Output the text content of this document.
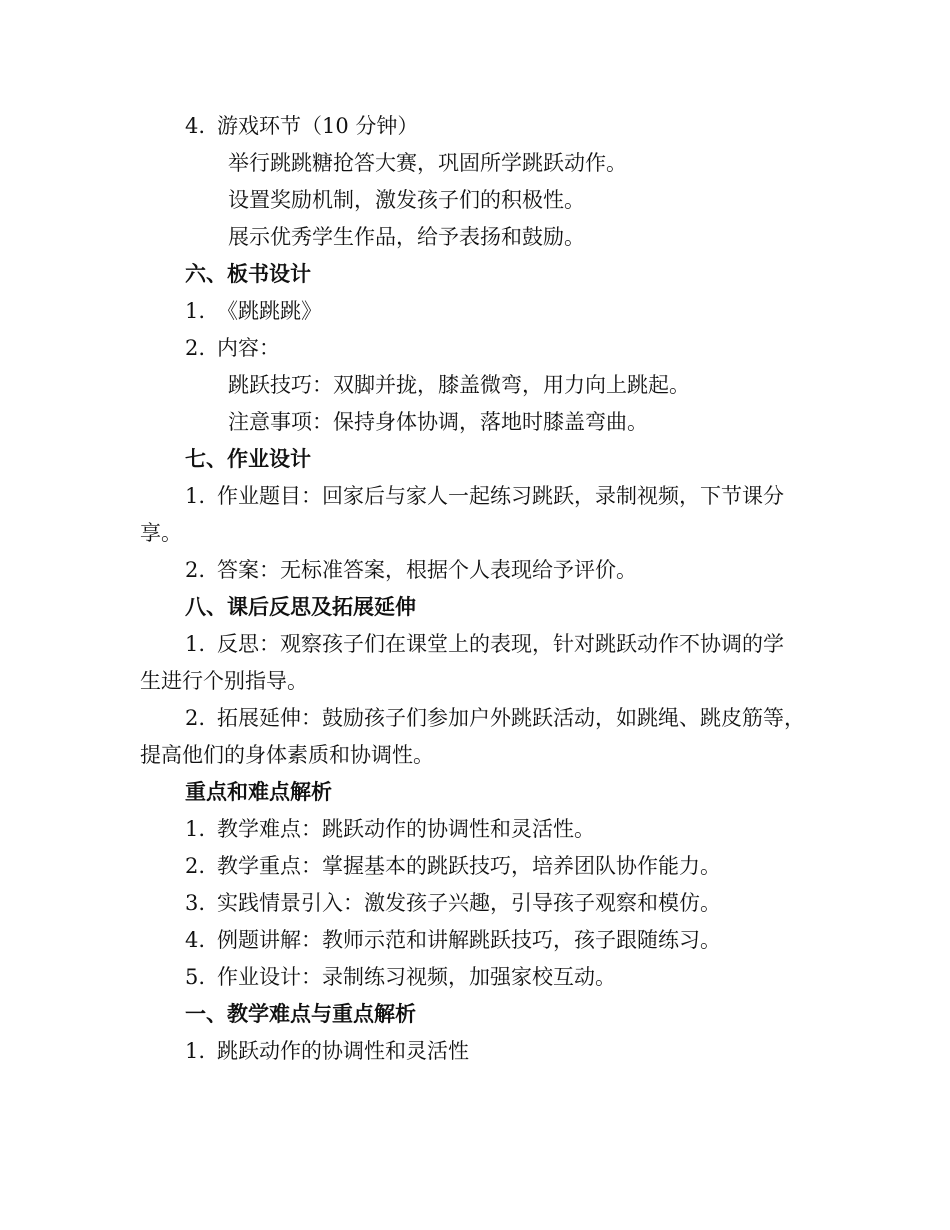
4. 游戏环节（10 分钟）
举行跳跳糖抢答大赛，巩固所学跳跃动作。
设置奖励机制，激发孩子们的积极性。
展示优秀学生作品，给予表扬和鼓励。
六、板书设计
1. 《跳跳跳》
2. 内容：
跳跃技巧：双脚并拢，膝盖微弯，用力向上跳起。
注意事项：保持身体协调，落地时膝盖弯曲。
七、作业设计
1. 作业题目：回家后与家人一起练习跳跃，录制视频，下节课分
享。
2. 答案：无标准答案，根据个人表现给予评价。
八、课后反思及拓展延伸
1. 反思：观察孩子们在课堂上的表现，针对跳跃动作不协调的学
生进行个别指导。
2. 拓展延伸：鼓励孩子们参加户外跳跃活动，如跳绳、跳皮筋等，
提高他们的身体素质和协调性。
重点和难点解析
1. 教学难点：跳跃动作的协调性和灵活性。
2. 教学重点：掌握基本的跳跃技巧，培养团队协作能力。
3. 实践情景引入：激发孩子兴趣，引导孩子观察和模仿。
4. 例题讲解：教师示范和讲解跳跃技巧，孩子跟随练习。
5. 作业设计：录制练习视频，加强家校互动。
一、教学难点与重点解析
1. 跳跃动作的协调性和灵活性
